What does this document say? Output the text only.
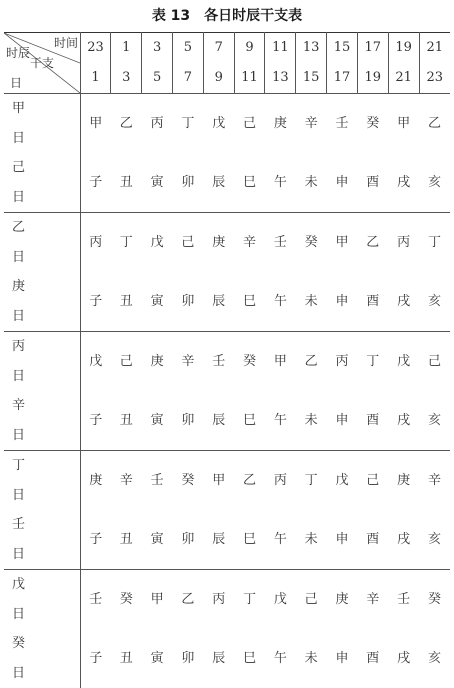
表 13 各日时辰干支表
时辰
干支
日
时间	23	1	3	5	7	9	11	13	15	17	19	21
	1	3	5	7	9	11	13	15	17	19	21	23
甲 日	甲	乙	丙	丁	戊	己	庚	辛	壬	癸	甲	乙
己 日	子	丑	寅	卯	辰	巳	午	未	申	酉	戌	亥
乙 日	丙	丁	戊	己	庚	辛	壬	癸	甲	乙	丙	丁
庚 日	子	丑	寅	卯	辰	巳	午	未	申	酉	戌	亥
丙 日	戊	己	庚	辛	壬	癸	甲	乙	丙	丁	戊	己
辛 日	子	丑	寅	卯	辰	巳	午	未	申	酉	戌	亥
丁 日	庚	辛	壬	癸	甲	乙	丙	丁	戊	己	庚	辛
壬 日	子	丑	寅	卯	辰	巳	午	未	申	酉	戌	亥
戊 日	壬	癸	甲	乙	丙	丁	戊	己	庚	辛	壬	癸
癸 日	子	丑	寅	卯	辰	巳	午	未	申	酉	戌	亥
